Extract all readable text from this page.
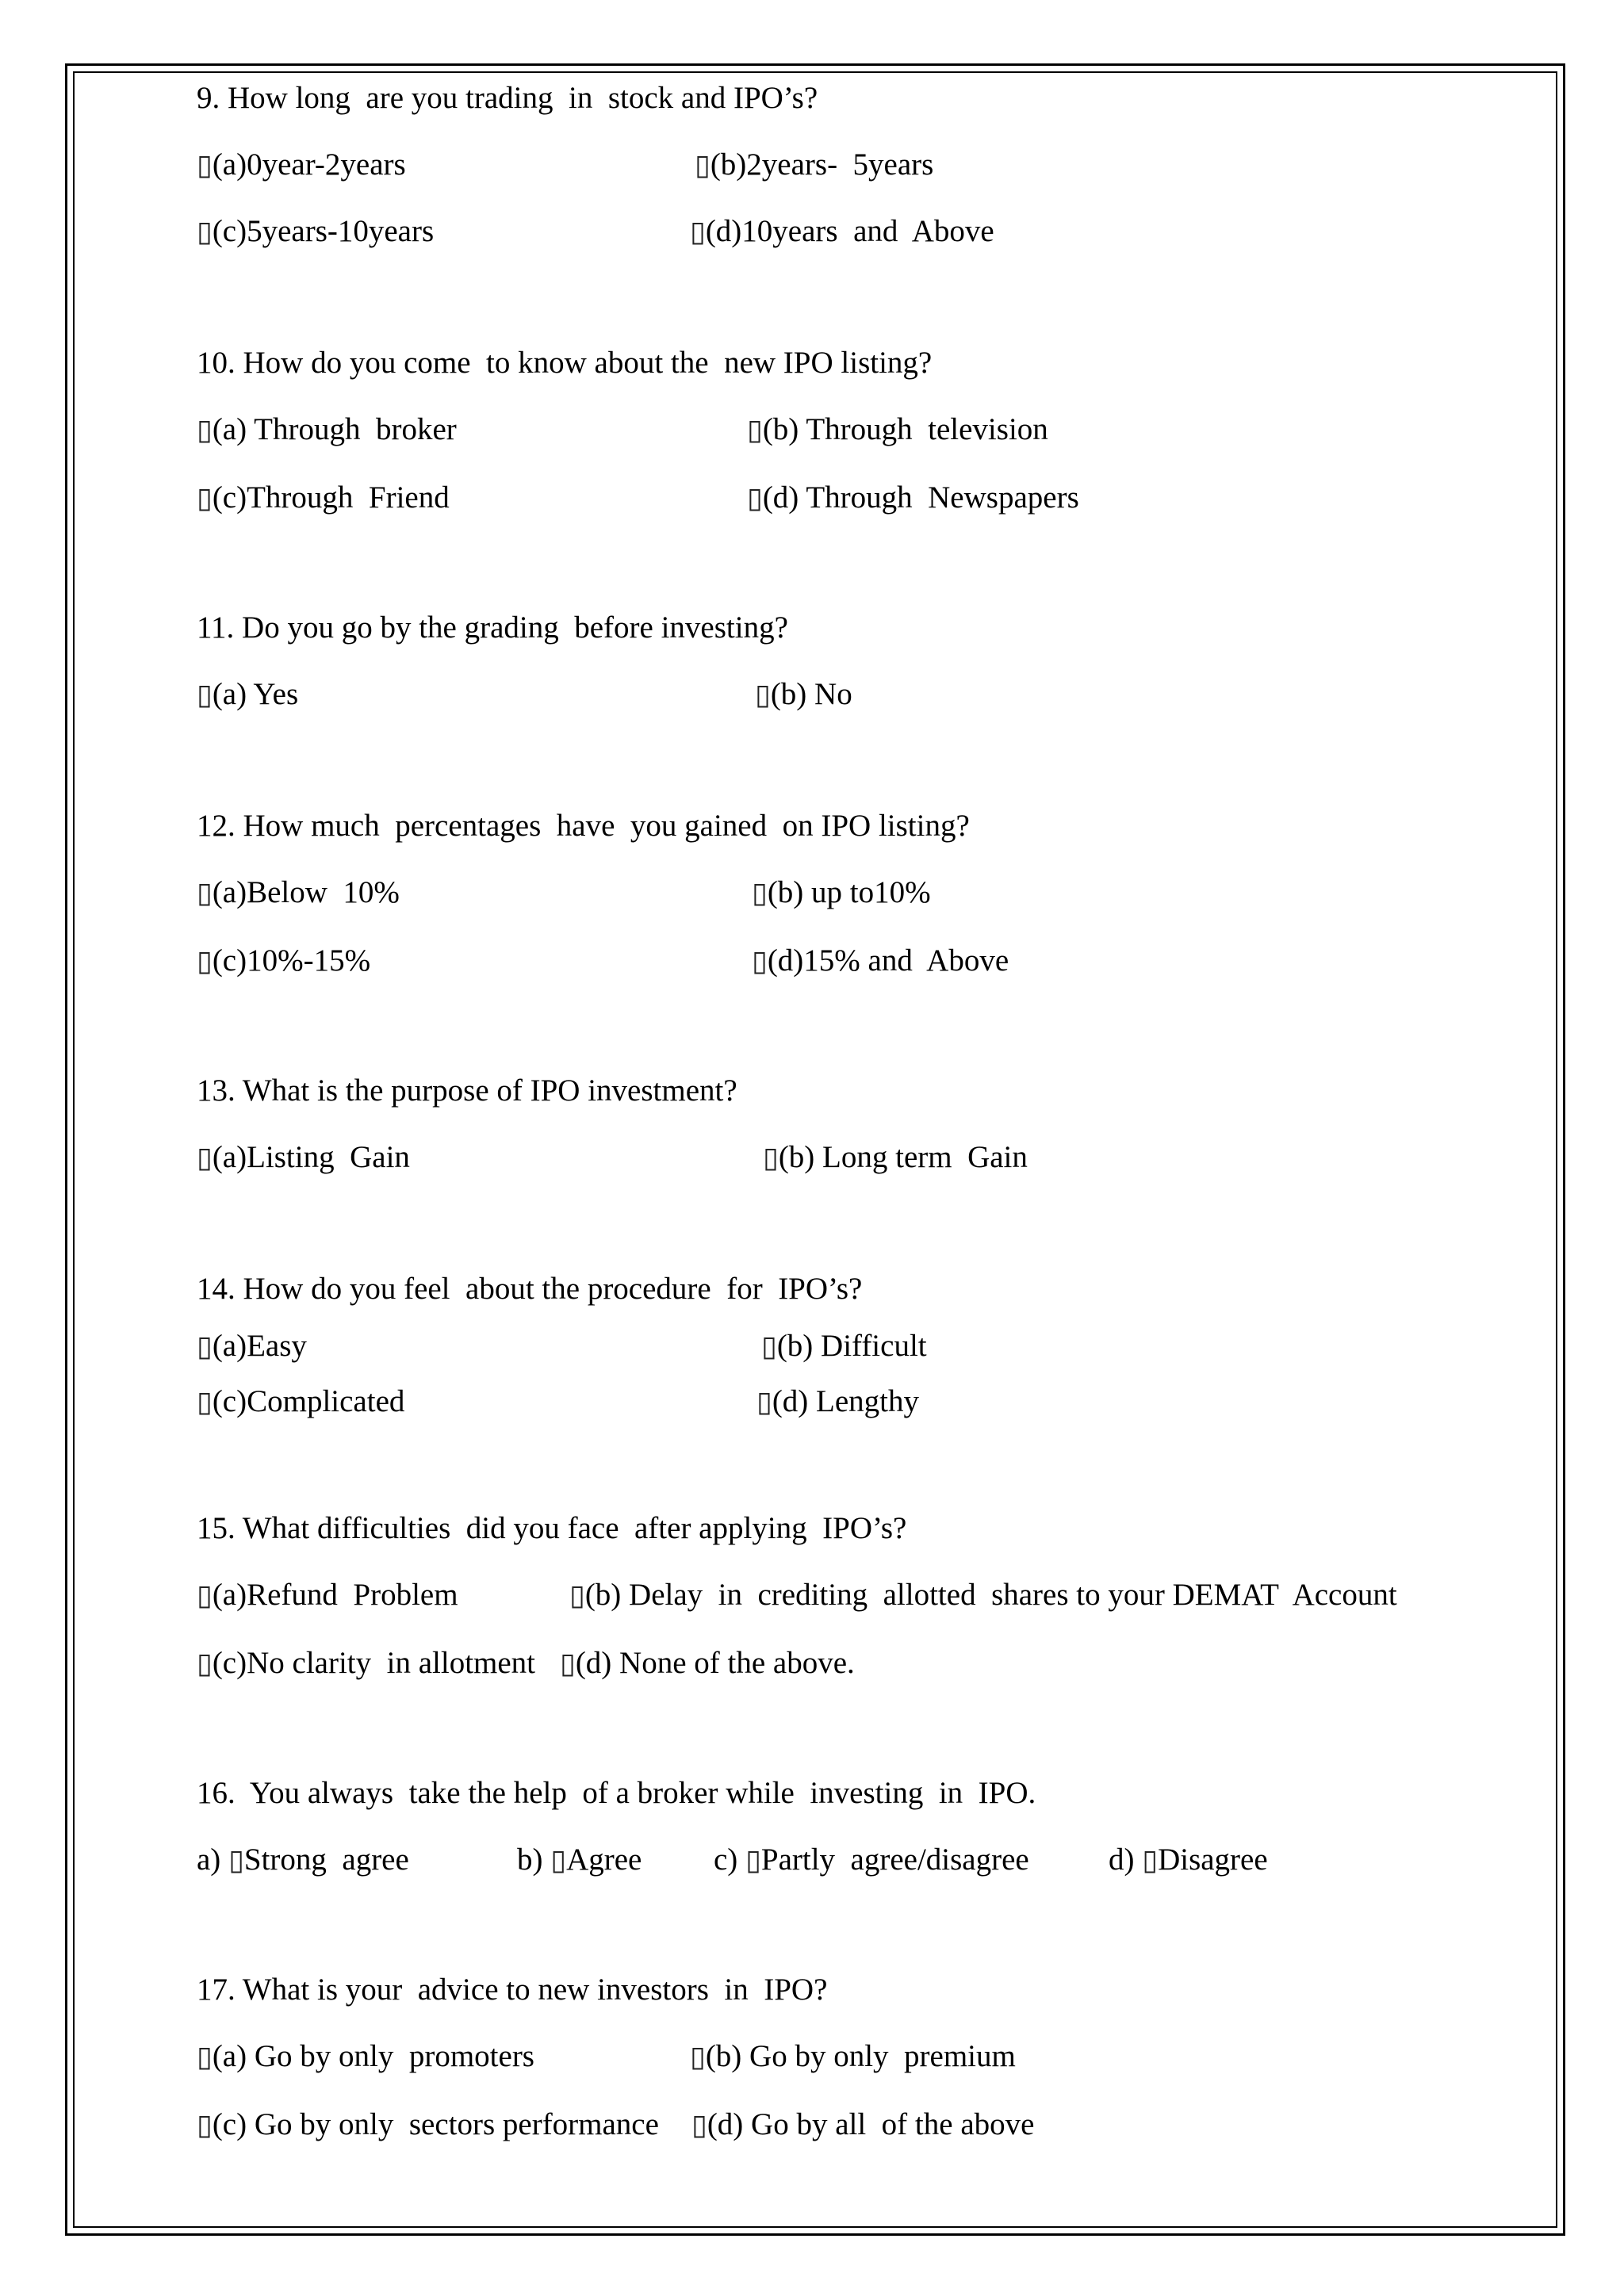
9. How long  are you trading  in  stock and IPO’s?
▯(a)0year-2years	▯(b)2years-  5years
▯(c)5years-10years	▯(d)10years  and  Above
10. How do you come  to know about the  new IPO listing?
▯(a) Through  broker	▯(b) Through  television
▯(c)Through  Friend	▯(d) Through  Newspapers
11. Do you go by the grading  before investing?
▯(a) Yes	▯(b) No
12. How much  percentages  have  you gained  on IPO listing?
▯(a)Below  10%	▯(b) up to10%
▯(c)10%-15%	▯(d)15% and  Above
13. What is the purpose of IPO investment?
▯(a)Listing  Gain	▯(b) Long term  Gain
14. How do you feel  about the procedure  for  IPO’s?
▯(a)Easy	▯(b) Difficult
▯(c)Complicated	▯(d) Lengthy
15. What difficulties  did you face  after applying  IPO’s?
▯(a)Refund  Problem	▯(b) Delay  in  crediting  allotted  shares to your DEMAT  Account
▯(c)No clarity  in allotment ▯(d) None of the above.
16.  You always  take the help  of a broker while  investing  in  IPO.
a) ▯Strong  agree	b) ▯Agree c) ▯Partly  agree/disagree	d) ▯Disagree
17. What is your  advice to new investors  in  IPO?
▯(a) Go by only  promoters	▯(b) Go by only  premium
▯(c) Go by only  sectors performance ▯(d) Go by all  of the above
